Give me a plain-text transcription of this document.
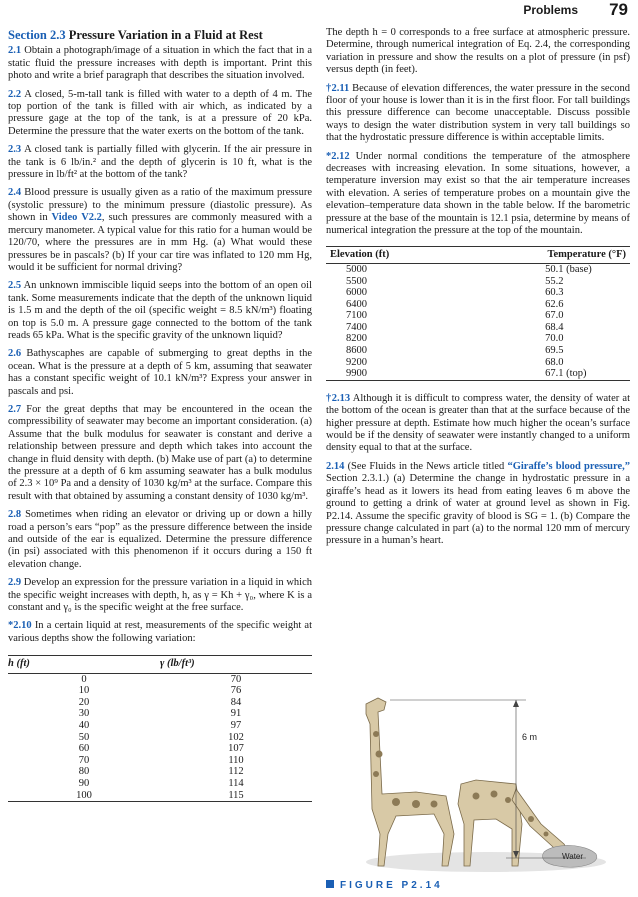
Problems 79
Section 2.3 Pressure Variation in a Fluid at Rest

2.1 Obtain a photograph/image of a situation in which the fact that in a static fluid the pressure increases with depth is important. Print this photo and write a brief paragraph that describes the situation involved.

2.2 A closed, 5-m-tall tank is filled with water to a depth of 4 m. The top portion of the tank is filled with air which, as indicated by a pressure gage at the top of the tank, is at a pressure of 20 kPa. Determine the pressure that the water exerts on the bottom of the tank.

2.3 A closed tank is partially filled with glycerin. If the air pressure in the tank is 6 lb/in.² and the depth of glycerin is 10 ft, what is the pressure in lb/ft² at the bottom of the tank?

2.4 Blood pressure is usually given as a ratio of the maximum pressure (systolic pressure) to the minimum pressure (diastolic pressure). As shown in Video V2.2, such pressures are commonly measured with a mercury manometer. A typical value for this ratio for a human would be 120/70, where the pressures are in mm Hg. (a) What would these pressures be in pascals? (b) If your car tire was inflated to 120 mm Hg, would it be sufficient for normal driving?

2.5 An unknown immiscible liquid seeps into the bottom of an open oil tank. Some measurements indicate that the depth of the unknown liquid is 1.5 m and the depth of the oil (specific weight = 8.5 kN/m³) floating on top is 5.0 m. A pressure gage connected to the bottom of the tank reads 65 kPa. What is the specific gravity of the unknown liquid?

2.6 Bathyscaphes are capable of submerging to great depths in the ocean. What is the pressure at a depth of 5 km, assuming that seawater has a constant specific weight of 10.1 kN/m³? Express your answer in pascals and psi.

2.7 For the great depths that may be encountered in the ocean the compressibility of seawater may become an important consideration. (a) Assume that the bulk modulus for seawater is constant and derive a relationship between pressure and depth which takes into account the change in fluid density with depth. (b) Make use of part (a) to determine the pressure at a depth of 6 km assuming seawater has a bulk modulus of 2.3 × 10⁹ Pa and a density of 1030 kg/m³ at the surface. Compare this result with that obtained by assuming a constant density of 1030 kg/m³.

2.8 Sometimes when riding an elevator or driving up or down a hilly road a person’s ears “pop” as the pressure difference between the inside and outside of the ear is equalized. Determine the pressure difference (in psi) associated with this phenomenon if it occurs during a 150 ft elevation change.

2.9 Develop an expression for the pressure variation in a liquid in which the specific weight increases with depth, h, as γ = Kh + γ₀, where K is a constant and γ₀ is the specific weight at the free surface.

*2.10 In a certain liquid at rest, measurements of the specific weight at various depths show the following variation:

h (ft)	γ (lb/ft³)
0	70
10	76
20	84
30	91
40	97
50	102
60	107
70	110
80	112
90	114
100	115

The depth h = 0 corresponds to a free surface at atmospheric pressure. Determine, through numerical integration of Eq. 2.4, the corresponding variation in pressure and show the results on a plot of pressure (in psf) versus depth (in feet).

†2.11 Because of elevation differences, the water pressure in the second floor of your house is lower than it is in the first floor. For tall buildings this pressure difference can become unacceptable. Discuss possible ways to design the water distribution system in very tall buildings so that the hydrostatic pressure difference is within acceptable limits.

*2.12 Under normal conditions the temperature of the atmosphere decreases with increasing elevation. In some situations, however, a temperature inversion may exist so that the air temperature increases with elevation. A series of temperature probes on a mountain give the elevation–temperature data shown in the table below. If the barometric pressure at the base of the mountain is 12.1 psia, determine by means of numerical integration the pressure at the top of the mountain.

Elevation (ft)	Temperature (°F)
5000	50.1 (base)
5500	55.2
6000	60.3
6400	62.6
7100	67.0
7400	68.4
8200	70.0
8600	69.5
9200	68.0
9900	67.1 (top)

†2.13 Although it is difficult to compress water, the density of water at the bottom of the ocean is greater than that at the surface because of the higher pressure at depth. Estimate how much higher the ocean’s surface would be if the density of seawater were instantly changed to a uniform density equal to that at the surface.

2.14 (See Fluids in the News article titled “Giraffe’s blood pressure,” Section 2.3.1.) (a) Determine the change in hydrostatic pressure in a giraffe’s head as it lowers its head from eating leaves 6 m above the ground to getting a drink of water at ground level as shown in Fig. P2.14. Assume the specific gravity of blood is SG = 1. (b) Compare the pressure change calculated in part (a) to the normal 120 mm of mercury pressure in a human’s heart.

6 m
Water
FIGURE P2.14
